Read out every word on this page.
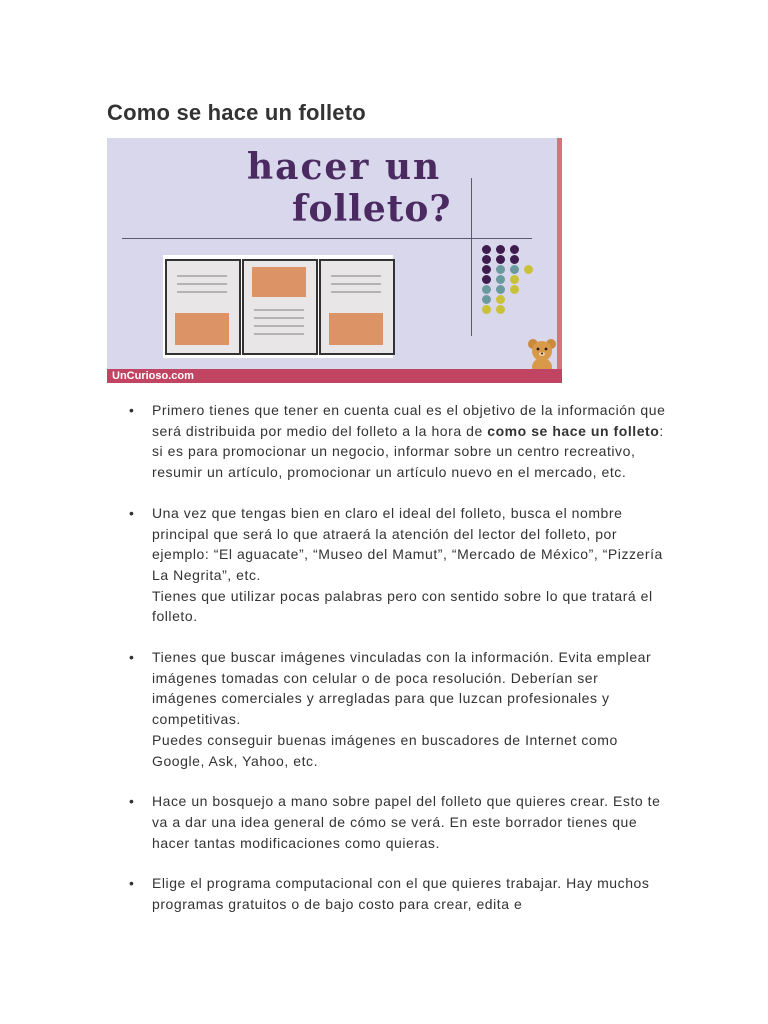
Como se hace un folleto
hacer un
folleto?
UnCurioso.com
• Primero tienes que tener en cuenta cual es el objetivo de la información que será distribuida por medio del folleto a la hora de como se hace un folleto: si es para promocionar un negocio, informar sobre un centro recreativo, resumir un artículo, promocionar un artículo nuevo en el mercado, etc.
• Una vez que tengas bien en claro el ideal del folleto, busca el nombre principal que será lo que atraerá la atención del lector del folleto, por ejemplo: “El aguacate”, “Museo del Mamut”, “Mercado de México”, “Pizzería La Negrita”, etc.
Tienes que utilizar pocas palabras pero con sentido sobre lo que tratará el folleto.
• Tienes que buscar imágenes vinculadas con la información. Evita emplear imágenes tomadas con celular o de poca resolución. Deberían ser imágenes comerciales y arregladas para que luzcan profesionales y competitivas.
Puedes conseguir buenas imágenes en buscadores de Internet como Google, Ask, Yahoo, etc.
• Hace un bosquejo a mano sobre papel del folleto que quieres crear. Esto te va a dar una idea general de cómo se verá. En este borrador tienes que hacer tantas modificaciones como quieras.
• Elige el programa computacional con el que quieres trabajar. Hay muchos programas gratuitos o de bajo costo para crear, edita e
